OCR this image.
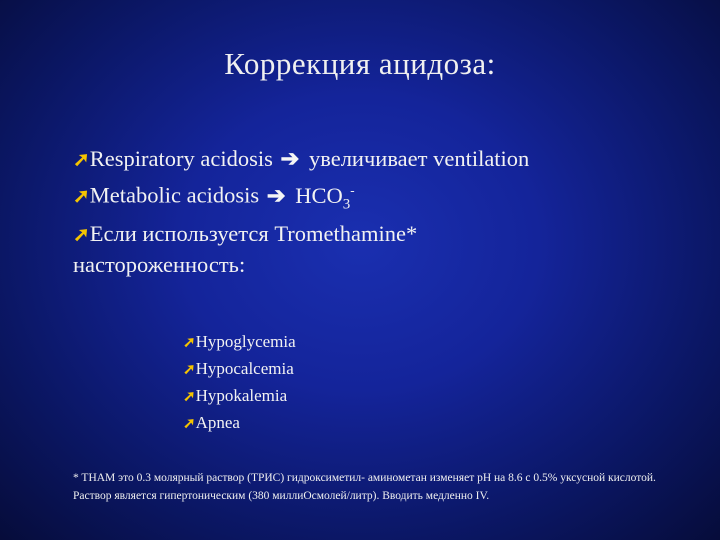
Коррекция ацидоза:
➚Respiratory acidosis ➔ увеличивает ventilation
➚Metabolic acidosis ➔ $HCO_3^-$
➚Если используется Tromethamine*
настороженность:
➚Hypoglycemia
➚Hypocalcemia
➚Hypokalemia
➚Apnea
* THAM это 0.3 молярный раствор (ТРИС) гидроксиметил- аминометан изменяет pH на 8.6 с 0.5% уксусной кислотой. Раствор является гипертоническим (380 миллиОсмолей/литр). Вводить медленно IV.
